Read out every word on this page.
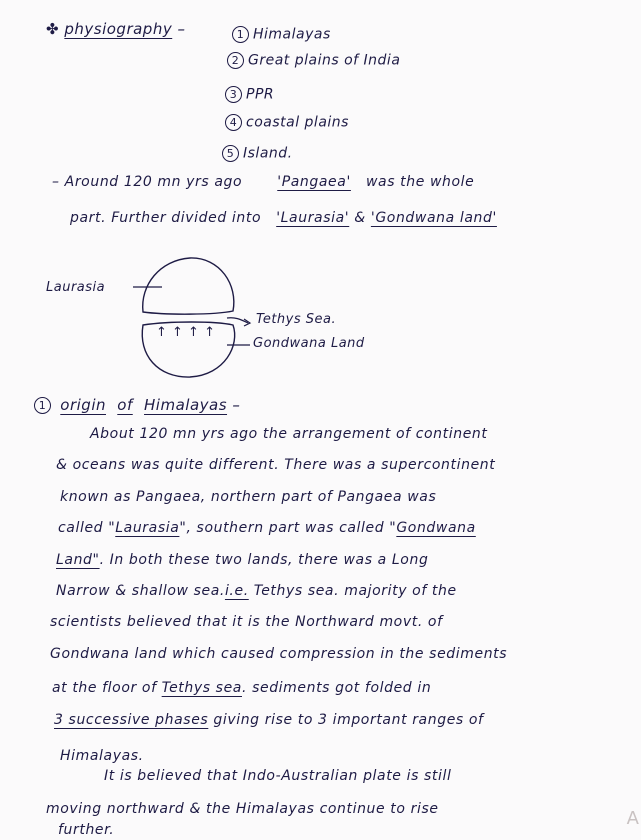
✤ physiography –	1 Himalayas
2 Great plains of India
3 PPR
4 coastal plains
5 Island.
– Around 120 mn yrs ago	'Pangaea' was the whole
part. Further divided into 'Laurasia' & 'Gondwana land'
Laurasia
Tethys Sea.
Gondwana Land
↑ ↑ ↑ ↑
1 origin of Himalayas –
About 120 mn yrs ago the arrangement of continent
& oceans was quite different. There was a supercontinent
known as Pangaea, northern part of Pangaea was
called "Laurasia", southern part was called "Gondwana
Land". In both these two lands, there was a Long
Narrow & shallow sea.i.e. Tethys sea. majority of the
scientists believed that it is the Northward movt. of
Gondwana land which caused compression in the sediments
at the floor of Tethys sea. sediments got folded in
3 successive phases giving rise to 3 important ranges of
Himalayas.
It is believed that Indo-Australian plate is still
moving northward & the Himalayas continue to rise
further.
A
